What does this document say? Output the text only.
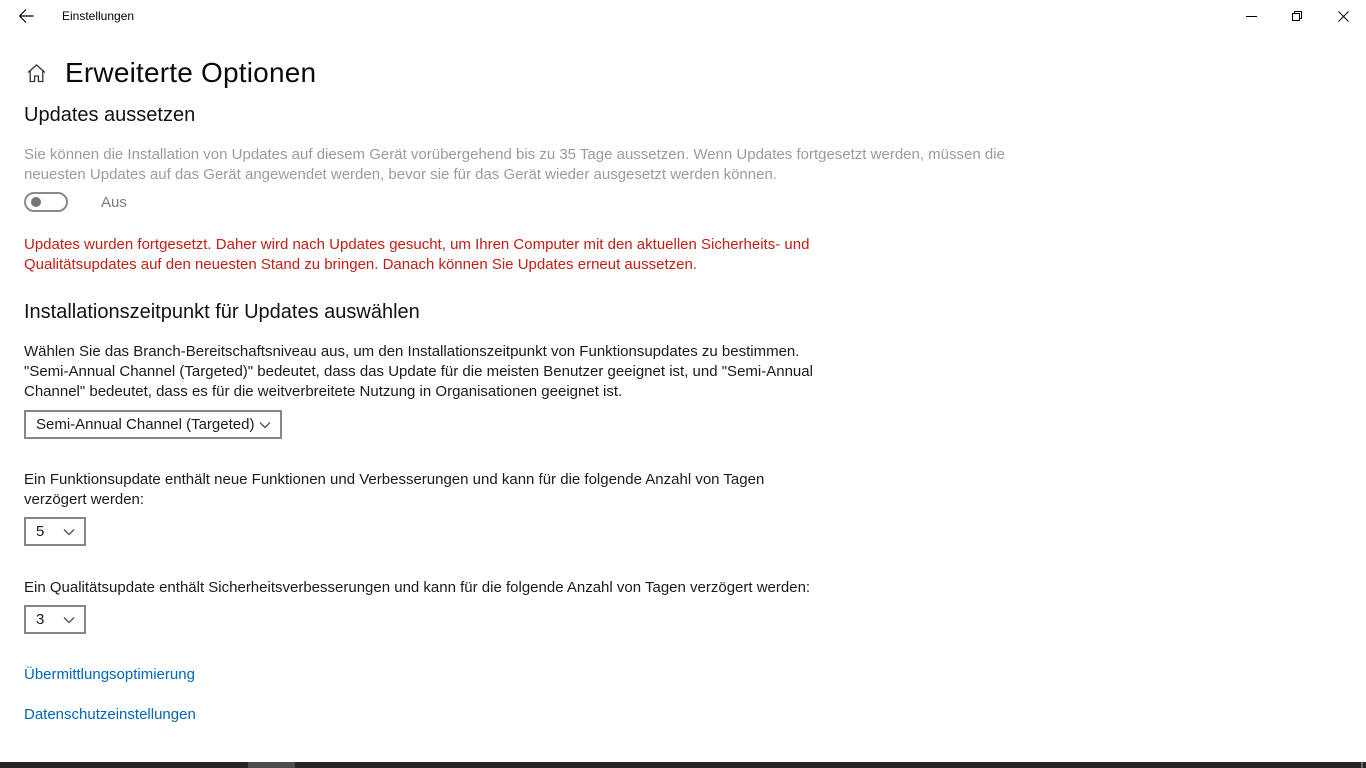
Einstellungen
Erweiterte Optionen
Updates aussetzen
Sie können die Installation von Updates auf diesem Gerät vorübergehend bis zu 35 Tage aussetzen. Wenn Updates fortgesetzt werden, müssen die neuesten Updates auf das Gerät angewendet werden, bevor sie für das Gerät wieder ausgesetzt werden können.
Aus
Updates wurden fortgesetzt. Daher wird nach Updates gesucht, um Ihren Computer mit den aktuellen Sicherheits- und Qualitätsupdates auf den neuesten Stand zu bringen. Danach können Sie Updates erneut aussetzen.
Installationszeitpunkt für Updates auswählen
Wählen Sie das Branch-Bereitschaftsniveau aus, um den Installationszeitpunkt von Funktionsupdates zu bestimmen. "Semi-Annual Channel (Targeted)" bedeutet, dass das Update für die meisten Benutzer geeignet ist, und "Semi-Annual Channel" bedeutet, dass es für die weitverbreitete Nutzung in Organisationen geeignet ist.
Semi-Annual Channel (Targeted)
Ein Funktionsupdate enthält neue Funktionen und Verbesserungen und kann für die folgende Anzahl von Tagen verzögert werden:
5
Ein Qualitätsupdate enthält Sicherheitsverbesserungen und kann für die folgende Anzahl von Tagen verzögert werden:
3
Übermittlungsoptimierung
Datenschutzeinstellungen
